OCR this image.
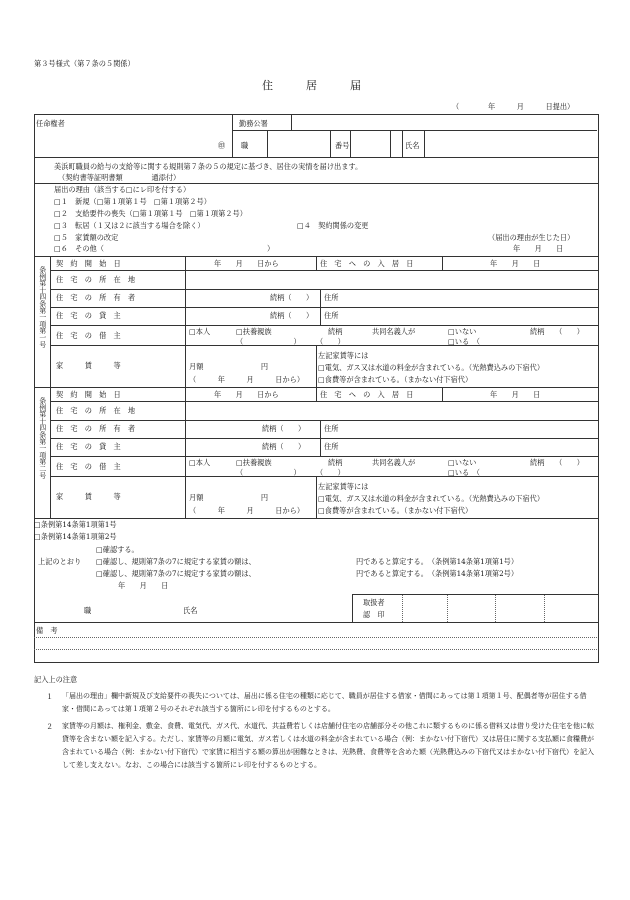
第３号様式（第７条の５関係）
住　　　居　　　届
（　　　　年　　　月　　　日提出）
任命権者	勤務公署
㊞ 職	番号	氏名
美浜町職員の給与の支給等に関する規則第７条の５の規定に基づき、居住の実情を届け出ます。
（契約書等証明書類　　　　通添付）
届出の理由（該当する□にレ印を付する）
□１　新規（□第１項第１号　□第１項第２号）
□２　支給要件の喪失（□第１項第１号　□第１項第２号）
□３　転居（１又は２に該当する場合を除く）	□４　契約関係の変更
□５　家賃額の改定	（届出の理由が生じた日）
□６　その他（	）	年　　月　　日
条例第十四条第一項第一号
契　約　開　始　日	年　　月　　日から	住　宅　へ　の　入　居　日	年　　月　　日
住　宅　の　所　在　地
住　宅　の　所　有　者	続柄（　　） 住所
住　宅　の　貸　主	続柄（　　） 住所
住　宅　の　借　主	□本人	□扶養親族	続柄	共同名義人が	□いない	続柄　　（　　）
（　　　　　　　） （　　）	□いる　（
家　　　賃　　　等	月額　　　　　　　　円
（　　　年　　　月　　　日から）
左記家賃等には
□電気、ガス又は水道の料金が含まれている。（光熱費込みの下宿代）
□食費等が含まれている。（まかない付下宿代）
条例第十四条第一項第二号
契　約　開　始　日	年　　月　　日から	住　宅　へ　の　入　居　日	年　　月　　日
住　宅　の　所　在　地
住　宅　の　所　有　者	続柄（　　）	住所
住　宅　の　貸　主	続柄（　　）	住所
住　宅　の　借　主	□本人	□扶養親族	続柄	共同名義人が	□いない	続柄　　（　　）
（　　　　　　　） （　　）	□いる　（
家　　　賃　　　等	月額　　　　　　　　円
（　　　年　　　月　　　日から）
左記家賃等には
□電気、ガス又は水道の料金が含まれている。（光熱費込みの下宿代）
□食費等が含まれている。（まかない付下宿代）
□条例第14条第1項第1号
□条例第14条第1項第2号
□確認する。
上記のとおり □確認し、規則第7条の7に規定する家賃の額は、	円であると算定する。　（条例第14条第1項第1号）
□確認し、規則第7条の7に規定する家賃の額は、	円であると算定する。　（条例第14条第1項第2号）
年　　月　　日
職	氏名
取扱者
認　印
備　考
記入上の注意
１ 「届出の理由」欄中新規及び支給要件の喪失については、届出に係る住宅の種類に応じて、職員が居住する借家・借間にあっては第１項第１号、配偶者等が居住する借家・借間にあっては第１項第２号のそれぞれ該当する箇所にレ印を付するものとする。
２ 家賃等の月額は、権利金、敷金、食費、電気代、ガス代、水道代、共益費若しくは店舗付住宅の店舗部分その他これに類するものに係る借料又は借り受けた住宅を他に転貸等を含まない額を記入する。ただし、家賃等の月額に電気、ガス若しくは水道の料金が含まれている場合（例：まかない付下宿代）又は居住に関する支払額に食糧費が含まれている場合（例：まかない付下宿代）で家賃に相当する額の算出が困難なときは、光熱費、食費等を含めた額（光熱費込みの下宿代又はまかない付下宿代）を記入して差し支えない。なお、この場合には該当する箇所にレ印を付するものとする。
